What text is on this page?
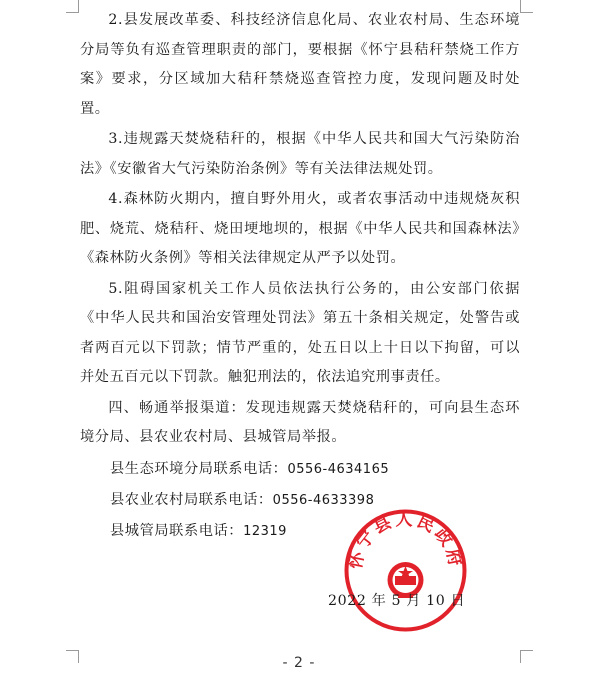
2.县发展改革委、科技经济信息化局、农业农村局、生态环境分局等负有巡查管理职责的部门，要根据《怀宁县秸秆禁烧工作方案》要求，分区域加大秸秆禁烧巡查管控力度，发现问题及时处置。

3.违规露天焚烧秸秆的，根据《中华人民共和国大气污染防治法》《安徽省大气污染防治条例》等有关法律法规处罚。

4.森林防火期内，擅自野外用火，或者农事活动中违规烧灰积肥、烧荒、烧秸秆、烧田埂地坝的，根据《中华人民共和国森林法》《森林防火条例》等相关法律规定从严予以处罚。

5.阻碍国家机关工作人员依法执行公务的，由公安部门依据《中华人民共和国治安管理处罚法》第五十条相关规定，处警告或者两百元以下罚款；情节严重的，处五日以上十日以下拘留，可以并处五百元以下罚款。触犯刑法的，依法追究刑事责任。

四、畅通举报渠道：发现违规露天焚烧秸秆的，可向县生态环境分局、县农业农村局、县城管局举报。

县生态环境分局联系电话：0556-4634165

县农业农村局联系电话：0556-4633398

县城管局联系电话：12319

怀宁县人民政府
2022 年 5 月 10 日
- 2 -
